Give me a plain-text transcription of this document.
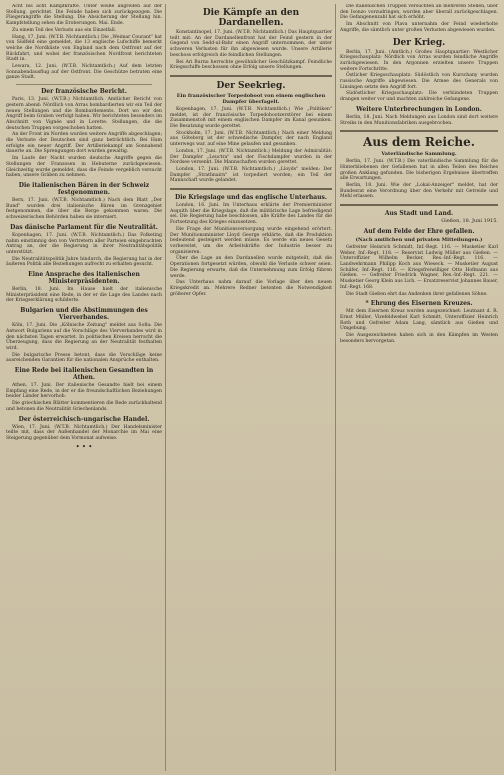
Acht bis acht Kampfkräfte. Unter weiße angreifen auf der Stellung, gerichtet. Die Feinde haben sich zurückgezogen. Die Fliegerangriffe die Stellung. Die Absicherung der Stellung hin. Kampfstellung sehen die Eroberungen. Mai. Ende.

Zu einem Teil des Verlusts aus ein Einzelfall.

Hang, 17. Juni. (W.T.B. Nichtamtlich.) Die „Weimar Courant" hat von Südfeld eine gemeldet, die 13 englische Lufschiffe bemerkt welche die Nordküste von England nach dem Ostfront auf der Rückfahrt, und wobei der französischen Nordfront berichteten Stadt in.

Lewara, 12. Juni. (W.T.B. Nichtamtlich.) Auf dem letzten Sonnabendausflug auf der Ostfront. Die Geschütze betraten eine ganze Stadt.

Der französische Bericht.

Paris, 13. Juni. (W.T.B.) Nichtamtlich. Amtlicher Bericht von gestern abend: Nördlich von Arras bombardierten wir ein Teil der neuen Stellungen und die Bombardements. Dort wo wir den Angriff beim Graben verfolgt haben. Wir berichteten besonders im Abschnitt von Vignée und in Lorette. Stellungen, die die deutschen Truppen vorgeschoben hatten.

An der Front im Norden wurden weitere Angriffe abgeschlagen; die Verluste der Deutschen sind ganz beträchtlich. Bei Ham erfolgte ein neuer Angriff. Der Artilleriekampf am Sonnabend dauerte an. Die Sprengungen dort wurden gewaltig.

Im Laufe der Nacht wurden deutsche Angriffe gegen die Stellungen der Franzosen in Hebuterne zurückgewiesen. Gleichzeitig wurde gemeldet, dass die Feinde vergeblich versucht haben, unsere Gräben zu nehmen.

Die italienischen Bären in der Schweiz festgenommen.

Bern, 17. Juni. (W.T.B. Nichtamtlich.) Nach dem Blatt „Der Bund" wurden drei italienische Bären im Grenzgebiet festgenommen, die über die Berge gekommen waren. Die schweizerischen Behörden haben sie interniert.

Das dänische Parlament für die Neutralität.

Kopenhagen, 17. Juni. (W.T.B. Nichtamtlich.) Das Folketing nahm einstimmig den von Vertretern aller Parteien eingebrachten Antrag an, der die Regierung in ihrer Neutralitätspolitik unterstützt.

Die Neutralitätspolitik Jahre hindurch, die Regierung hat in der äußeren Politik alle Beziehungen aufrecht zu erhalten gesucht.

Eine Ansprache des italienischen Ministerpräsidenten.

Berlin, 18. Juni. Im Hause hielt der italienische Ministerpräsident eine Rede, in der er die Lage des Landes nach der Kriegserklärung schilderte.

Bulgarien und die Abstimmungen des Vierverbandes.

Köln, 17. Juni. Die „Kölnische Zeitung" meldet aus Sofia: Die Antwort Bulgariens auf die Vorschläge des Vierverbandes wird in den nächsten Tagen erwartet. In politischen Kreisen herrscht die Überzeugung, dass die Regierung an der Neutralität festhalten wird.

Die bulgarische Presse betont, dass die Vorschläge keine ausreichenden Garantien für die nationalen Ansprüche enthalten.

Eine Rede bei italienischen Gesandten in Athen.

Athen, 17. Juni. Der italienische Gesandte hielt bei einem Empfang eine Rede, in der er die freundschaftlichen Beziehungen beider Länder hervorhob.

Die griechischen Blätter kommentieren die Rede zurückhaltend und betonen die Neutralität Griechenlands.

Der österreichisch-ungarische Handel.

Wien, 17. Juni. (W.T.B. Nichtamtlich.) Der Handelsminister teilte mit, dass der Außenhandel der Monarchie im Mai eine Steigerung gegenüber dem Vormonat aufweise.

• • •
Die Kämpfe an den Dardanellen.

Konstantinopel, 17. Juni. (W.T.B. Nichtamtlich.) Das Hauptquartier teilt mit: An der Dardanellenfront hat der Feind gestern in der Gegend von Sedd-ul-Bahr einen Angriff unternommen, der unter schweren Verlusten für ihn abgewiesen wurde. Unsere Artillerie beschoss erfolgreich die feindlichen Stellungen.

Bei Ari Burnu herrschte gewöhnlicher Geschützkampf. Feindliche Kriegsschiffe beschossen ohne Erfolg unsere Stellungen.

Der Seekrieg.
Ein französischer Torpedoboot von einem englischen Dampfer überfagelt.

Kopenhagen, 17. Juni. (W.T.B. Nichtamtlich.) Wie „Politiken" meldet, ist der französische Torpedobootzerstörer bei einem Zusammenstoß mit einem englischen Dampfer im Kanal gesunken. Die Besatzung wurde gerettet.

Stockholm, 17. Juni. (W.T.B. Nichtamtlich.) Nach einer Meldung aus Göteborg ist der schwedische Dampfer, der nach England unterwegs war, auf eine Mine gelaufen und gesunken.

London, 17. Juni. (W.T.B. Nichtamtlich.) Meldung der Admiralität: Der Dampfer „Leuctra" und der Fischdampfer wurden in der Nordsee versenkt. Die Mannschaften wurden gerettet.

London, 17. Juni. (W.T.B. Nichtamtlich.) „Lloyds" melden: Der Dampfer „Strathnairn" ist torpediert worden; ein Teil der Mannschaft wurde gelandet.

Die Kriegslage und das englische Unterhaus.

London, 16. Juni. Im Unterhaus erklärte der Premierminister Asquith über die Kriegslage, daß die militärische Lage befriedigend sei. Die Regierung habe beschlossen, alle Kräfte des Landes für die Fortsetzung des Krieges einzusetzen.

Die Frage der Munitionsversorgung wurde eingehend erörtert. Der Munitionsminister Lloyd George erklärte, daß die Produktion bedeutend gesteigert werden müsse. Es werde ein neues Gesetz vorbereitet, um die Arbeitskräfte der Industrie besser zu organisieren.

Über die Lage an den Dardanellen wurde mitgeteilt, daß die Operationen fortgesetzt würden, obwohl die Verluste schwer seien. Die Regierung erwarte, daß die Unternehmung zum Erfolg führen werde.

Das Unterhaus nahm darauf die Vorlage über den neuen Kriegskredit an. Mehrere Redner betonten die Notwendigkeit größerer Opfer.

Die italienischen Truppen versuchten an mehreren Stellen, über den Isonzo vorzudringen, wurden aber überall zurückgeschlagen. Die Gefangenenzahl hat sich erhöht.

Im Abschnitt von Plava unternahm der Feind wiederholte Angriffe, die sämtlich unter großen Verlusten abgewiesen wurden.

Der Krieg.

Berlin, 17. Juni. (Amtlich.) Großes Hauptquartier: Westlicher Kriegsschauplatz: Nördlich von Arras wurden feindliche Angriffe zurückgewiesen. In den Argonnen erzielten unsere Truppen weitere Fortschritte.

Östlicher Kriegsschauplatz: Südöstlich von Kurschany wurden russische Angriffe abgewiesen. Die Armee des Generals von Linsingen setzte den Angriff fort.

Südöstlicher Kriegsschauplatz: Die verbündeten Truppen drangen weiter vor und machten zahlreiche Gefangene.

Weitere Unterbrechungen in London.

Berlin, 18. Juni. Nach Meldungen aus London sind dort weitere Streiks in den Munitionsfabriken ausgebrochen.

Aus dem Reiche.
Vaterländische Sammlung.

Berlin, 17. Juni. (W.T.B.) Die vaterländische Sammlung für die Hinterbliebenen der Gefallenen hat in allen Teilen des Reiches großen Anklang gefunden. Die bisherigen Ergebnisse übertreffen alle Erwartungen.

Berlin, 18. Juni. Wie der „Lokal-Anzeiger" meldet, hat der Bundesrat eine Verordnung über den Verkehr mit Getreide und Mehl erlassen.

Aus Stadt und Land.
Gießen, 18. Juni 1915.
Auf dem Felde der Ehre gefallen.
(Nach amtlichen und privaten Mitteilungen.)

Gefreiter Heinrich Schmidt, Inf.-Regt. 116. — Musketier Karl Weber, Inf.-Regt. 118. — Reservist Ludwig Müller aus Gießen. — Unteroffizier Wilhelm Becker, Res.-Inf.-Regt. 116. — Landwehrmann Philipp Koch aus Wieseck. — Musketier August Schäfer, Inf.-Regt. 116. — Kriegsfreiwilliger Otto Hofmann aus Gießen. — Gefreiter Friedrich Wagner, Res.-Inf.-Regt. 221. — Musketier Georg Klein aus Lich. — Ersatzreservist Johannes Bauer, Inf.-Regt. 168.

Die Stadt Gießen ehrt das Andenken ihrer gefallenen Söhne.

* Ehrung des Eisernen Kreuzes.

Mit dem Eisernen Kreuz wurden ausgezeichnet: Leutnant d. R. Ernst Müller, Vizefeldwebel Karl Schmitt, Unteroffizier Heinrich Roth und Gefreiter Adam Lang, sämtlich aus Gießen und Umgebung.

Die Ausgezeichneten haben sich in den Kämpfen im Westen besonders hervorgetan.
